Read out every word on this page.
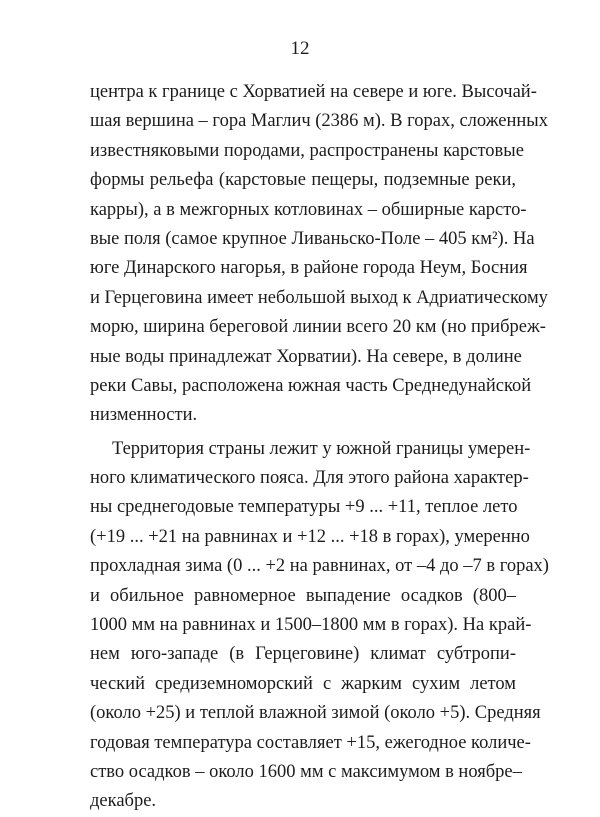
12
центра к границе с Хорватией на севере и юге. Высочай-
шая вершина – гора Маглич (2386 м). В горах, сложенных
известняковыми породами, распространены карстовые
формы рельефа (карстовые пещеры, подземные реки,
карры), а в межгорных котловинах – обширные карсто-
вые поля (самое крупное Ливаньско-Поле – 405 км²). На
юге Динарского нагорья, в районе города Неум, Босния
и Герцеговина имеет небольшой выход к Адриатическому
морю, ширина береговой линии всего 20 км (но прибреж-
ные воды принадлежат Хорватии). На севере, в долине
реки Савы, расположена южная часть Среднедунайской
низменности.
Территория страны лежит у южной границы умерен-
ного климатического пояса. Для этого района характер-
ны среднегодовые температуры +9 ... +11, теплое лето
(+19 ... +21 на равнинах и +12 ... +18 в горах), умеренно
прохладная зима (0 ... +2 на равнинах, от –4 до –7 в горах)
и обильное равномерное выпадение осадков (800–
1000 мм на равнинах и 1500–1800 мм в горах). На край-
нем юго-западе (в Герцеговине) климат субтропи-
ческий средиземноморский с жарким сухим летом
(около +25) и теплой влажной зимой (около +5). Средняя
годовая температура составляет +15, ежегодное количе-
ство осадков – около 1600 мм с максимумом в ноябре–
декабре.
